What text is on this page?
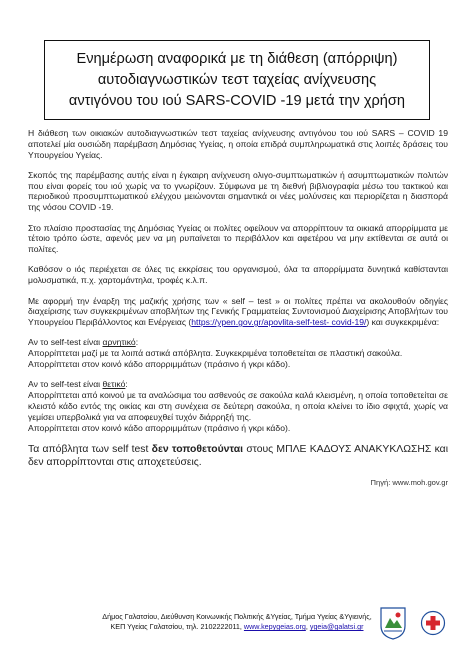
Ενημέρωση αναφορικά με τη διάθεση (απόρριψη)
αυτοδιαγνωστικών τεστ ταχείας ανίχνευσης
αντιγόνου του ιού SARS-COVID -19 μετά την χρήση

Η διάθεση των οικιακών αυτοδιαγνωστικών τεστ ταχείας ανίχνευσης αντιγόνου του ιού SARS – COVID 19 αποτελεί μία ουσιώδη παρέμβαση Δημόσιας Υγείας, η οποία επιδρά συμπληρωματικά στις λοιπές δράσεις του Υπουργείου Υγείας.

Σκοπός της παρέμβασης αυτής είναι η έγκαιρη ανίχνευση ολιγο-συμπτωματικών ή ασυμπτωματικών πολιτών που είναι φορείς του ιού χωρίς να το γνωρίζουν. Σύμφωνα με τη διεθνή βιβλιογραφία μέσω του τακτικού και περιοδικού προσυμπτωματικού ελέγχου μειώνονται σημαντικά οι νέες μολύνσεις και περιορίζεται η διασπορά της νόσου COVID -19.

Στο πλαίσιο προστασίας της Δημόσιας Υγείας οι πολίτες οφείλουν να απορρίπτουν τα οικιακά απορρίμματα με τέτοιο τρόπο ώστε, αφενός μεν να μη ρυπαίνεται το περιβάλλον και αφετέρου να μην εκτίθενται σε αυτά οι πολίτες.

Καθόσον ο ιός περιέχεται σε όλες τις εκκρίσεις του οργανισμού, όλα τα απορρίμματα δυνητικά καθίστανται μολυσματικά, π.χ. χαρτομάντηλα, τροφές κ.λ.π.

Με αφορμή την έναρξη της μαζικής χρήσης των « self – test » οι πολίτες πρέπει να ακολουθούν οδηγίες διαχείρισης των συγκεκριμένων αποβλήτων της Γενικής Γραμματείας Συντονισμού Διαχείρισης Αποβλήτων του Υπουργείου Περιβάλλοντος και Ενέργειας (https://ypen.gov.gr/apovlita-self-test- covid-19/) και συγκεκριμένα:

Αν το self-test είναι αρνητικό:
Απορρίπτεται μαζί με τα λοιπά αστικά απόβλητα. Συγκεκριμένα τοποθετείται σε πλαστική σακούλα.
Απορρίπτεται στον κοινό κάδο απορριμμάτων (πράσινο ή γκρι κάδο).
Αν το self-test είναι θετικό:
Απορρίπτεται από κοινού με τα αναλώσιμα του ασθενούς σε σακούλα καλά κλεισμένη, η οποία τοποθετείται σε κλειστό κάδο εντός της οικίας και στη συνέχεια σε δεύτερη σακούλα, η οποία κλείνει το ίδιο σφιχτά, χωρίς να γεμίσει υπερβολικά για να αποφευχθεί τυχόν διάρρηξή της.
Απορρίπτεται στον κοινό κάδο απορριμμάτων (πράσινο ή γκρι κάδο).

Τα απόβλητα των self test δεν τοποθετούνται στους ΜΠΛΕ ΚΑΔΟΥΣ ΑΝΑΚΥΚΛΩΣΗΣ και δεν απορρίπτονται στις αποχετεύσεις.

Πηγή: www.moh.gov.gr
Δήμος Γαλατσίου, Διεύθυνση Κοινωνικής Πολιτικής &Υγείας, Τμήμα Υγείας &Υγιεινής,
ΚΕΠ Υγείας Γαλατσίου, τηλ. 2102222011, www.kepygeias.org, ygeia@galatsi.gr
